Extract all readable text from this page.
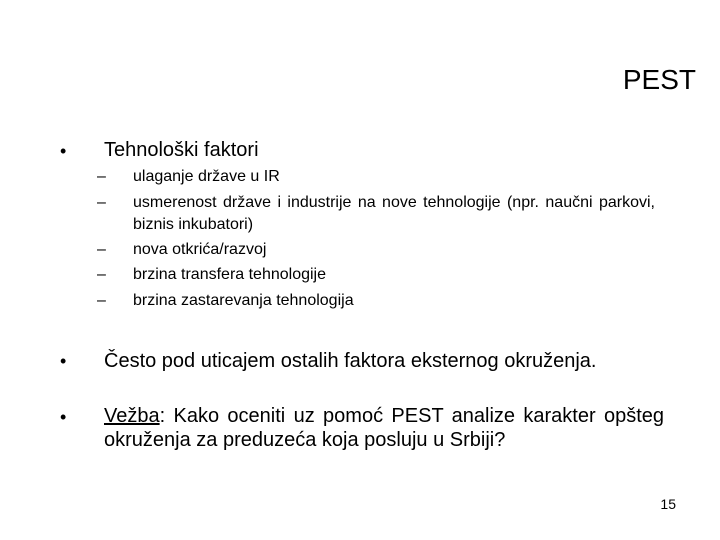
PEST
• Tehnološki faktori
– ulaganje države u IR
– usmerenost države i industrije na nove tehnologije (npr. naučni parkovi, biznis inkubatori)
– nova otkrića/razvoj
– brzina transfera tehnologije
– brzina zastarevanja tehnologija
• Često pod uticajem ostalih faktora eksternog okruženja.
• Vežba: Kako oceniti uz pomoć PEST analize karakter opšteg okruženja za preduzeća koja posluju u Srbiji?
15
